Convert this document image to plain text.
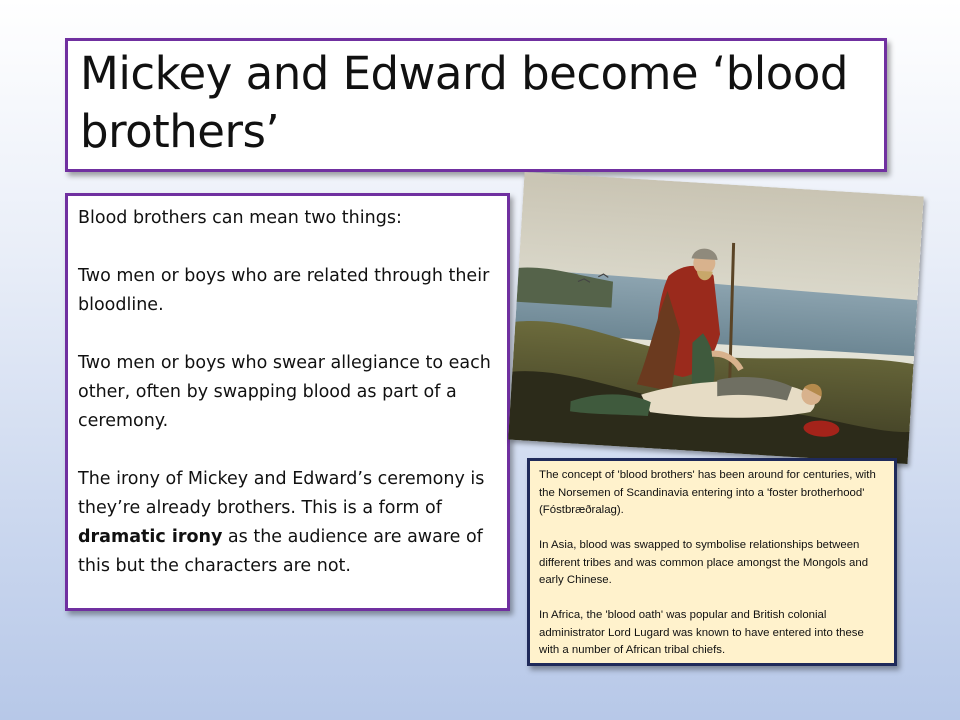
Mickey and Edward become ‘blood brothers’

Blood brothers can mean two things:

Two men or boys who are related through their bloodline.

Two men or boys who swear allegiance to each other, often by swapping blood as part of a ceremony.

The irony of Mickey and Edward’s ceremony is they’re already brothers. This is a form of dramatic irony as the audience are aware of this but the characters are not.

The concept of 'blood brothers' has been around for centuries, with the Norsemen of Scandinavia entering into a 'foster brotherhood' (Fóstbræðralag).

In Asia, blood was swapped to symbolise relationships between different tribes and was common place amongst the Mongols and early Chinese.

In Africa, the 'blood oath' was popular and British colonial administrator Lord Lugard was known to have entered into these with a number of African tribal chiefs.
